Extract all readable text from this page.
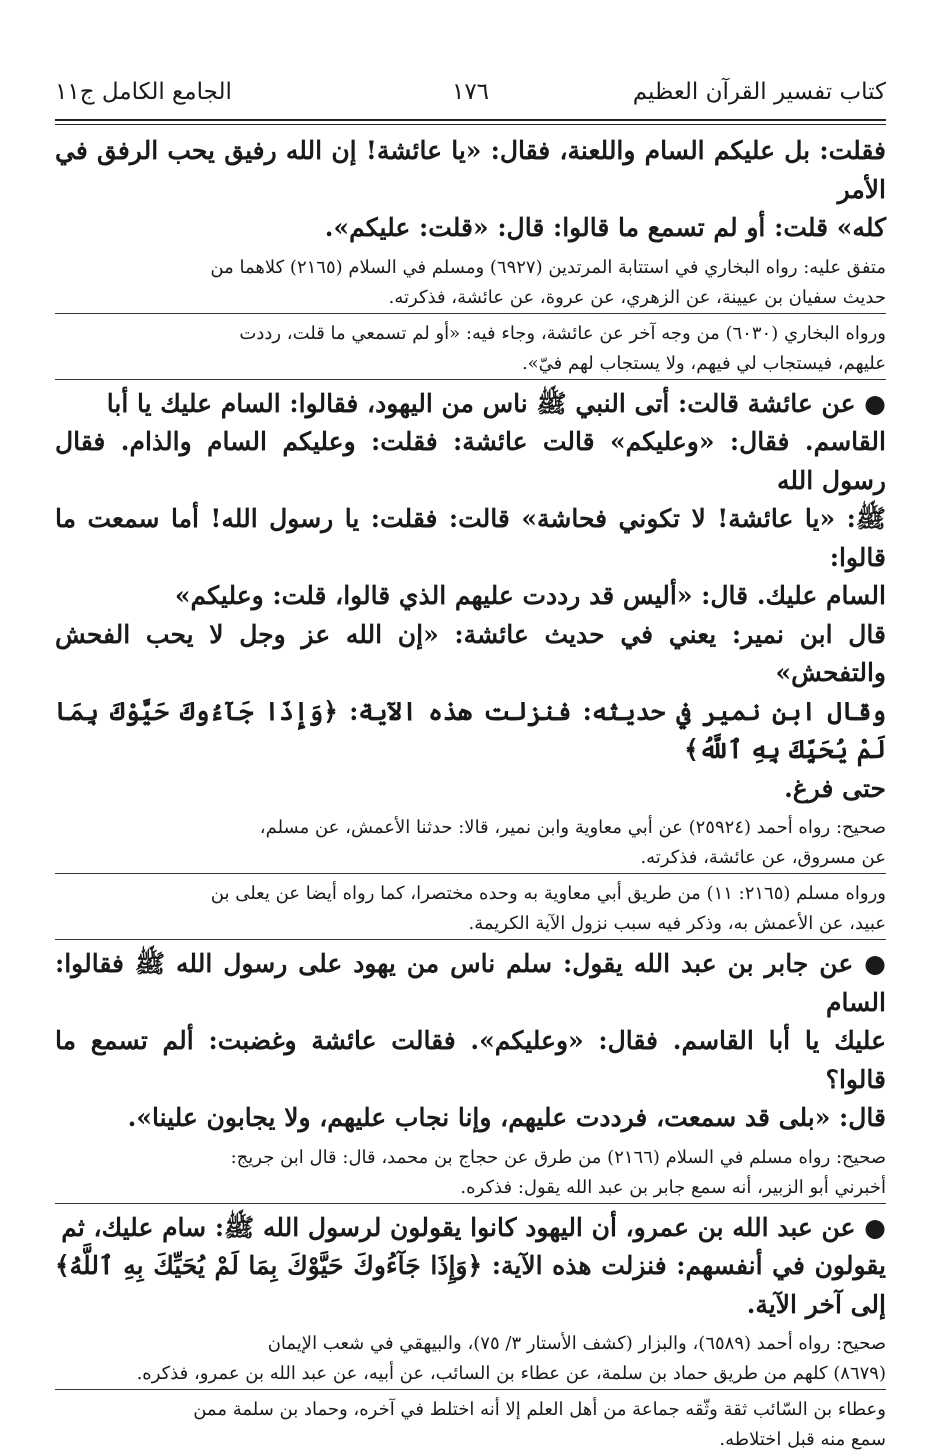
كتاب تفسير القرآن العظيم
١٧٦
الجامع الكامل ج١١

فقلت: بل عليكم السام واللعنة، فقال: «يا عائشة! إن الله رفيق يحب الرفق في الأمر
كله» قلت: أو لم تسمع ما قالوا: قال: «قلت: عليكم».

متفق عليه: رواه البخاري في استتابة المرتدين (٦٩٢٧) ومسلم في السلام (٢١٦٥) كلاهما من
حديث سفيان بن عيينة، عن الزهري، عن عروة، عن عائشة، فذكرته.

ورواه البخاري (٦٠٣٠) من وجه آخر عن عائشة، وجاء فيه: «أو لم تسمعي ما قلت، رددت
عليهم، فيستجاب لي فيهم، ولا يستجاب لهم فيّ».

● عن عائشة قالت: أتى النبي ﷺ ناس من اليهود، فقالوا: السام عليك يا أبا
القاسم. فقال: «وعليكم» قالت عائشة: فقلت: وعليكم السام والذام. فقال رسول الله
ﷺ: «يا عائشة! لا تكوني فحاشة» قالت: فقلت: يا رسول الله! أما سمعت ما قالوا:
السام عليك. قال: «أليس قد رددت عليهم الذي قالوا، قلت: وعليكم»

قال ابن نمير: يعني في حديث عائشة: «إن الله عز وجل لا يحب الفحش والتفحش»
وقال ابن نمير في حديثه: فنزلت هذه الآية: ﴿وَإِذَا جَآءُوكَ حَيَّوْكَ بِمَا لَمْ يُحَيِّكَ بِهِ ٱللَّهُ﴾
حتى فرغ.

صحيح: رواه أحمد (٢٥٩٢٤) عن أبي معاوية وابن نمير، قالا: حدثنا الأعمش، عن مسلم،
عن مسروق، عن عائشة، فذكرته.

ورواه مسلم (٢١٦٥: ١١) من طريق أبي معاوية به وحده مختصرا، كما رواه أيضا عن يعلى بن
عبيد، عن الأعمش به، وذكر فيه سبب نزول الآية الكريمة.

● عن جابر بن عبد الله يقول: سلم ناس من يهود على رسول الله ﷺ فقالوا: السام
عليك يا أبا القاسم. فقال: «وعليكم». فقالت عائشة وغضبت: ألم تسمع ما قالوا؟
قال: «بلى قد سمعت، فرددت عليهم، وإنا نجاب عليهم، ولا يجابون علينا».

صحيح: رواه مسلم في السلام (٢١٦٦) من طرق عن حجاج بن محمد، قال: قال ابن جريج:
أخبرني أبو الزبير، أنه سمع جابر بن عبد الله يقول: فذكره.

● عن عبد الله بن عمرو، أن اليهود كانوا يقولون لرسول الله ﷺ: سام عليك، ثم
يقولون في أنفسهم: فنزلت هذه الآية: ﴿وَإِذَا جَآءُوكَ حَيَّوْكَ بِمَا لَمْ يُحَيِّكَ بِهِ ٱللَّهُ﴾ إلى آخر الآية.

صحيح: رواه أحمد (٦٥٨٩)، والبزار (كشف الأستار ٣/ ٧٥)، والبيهقي في شعب الإيمان
(٨٦٧٩) كلهم من طريق حماد بن سلمة، عن عطاء بن السائب، عن أبيه، عن عبد الله بن عمرو، فذكره.

وعطاء بن السّائب ثقة وثّقه جماعة من أهل العلم إلا أنه اختلط في آخره، وحماد بن سلمة ممن
سمع منه قبل اختلاطه.
